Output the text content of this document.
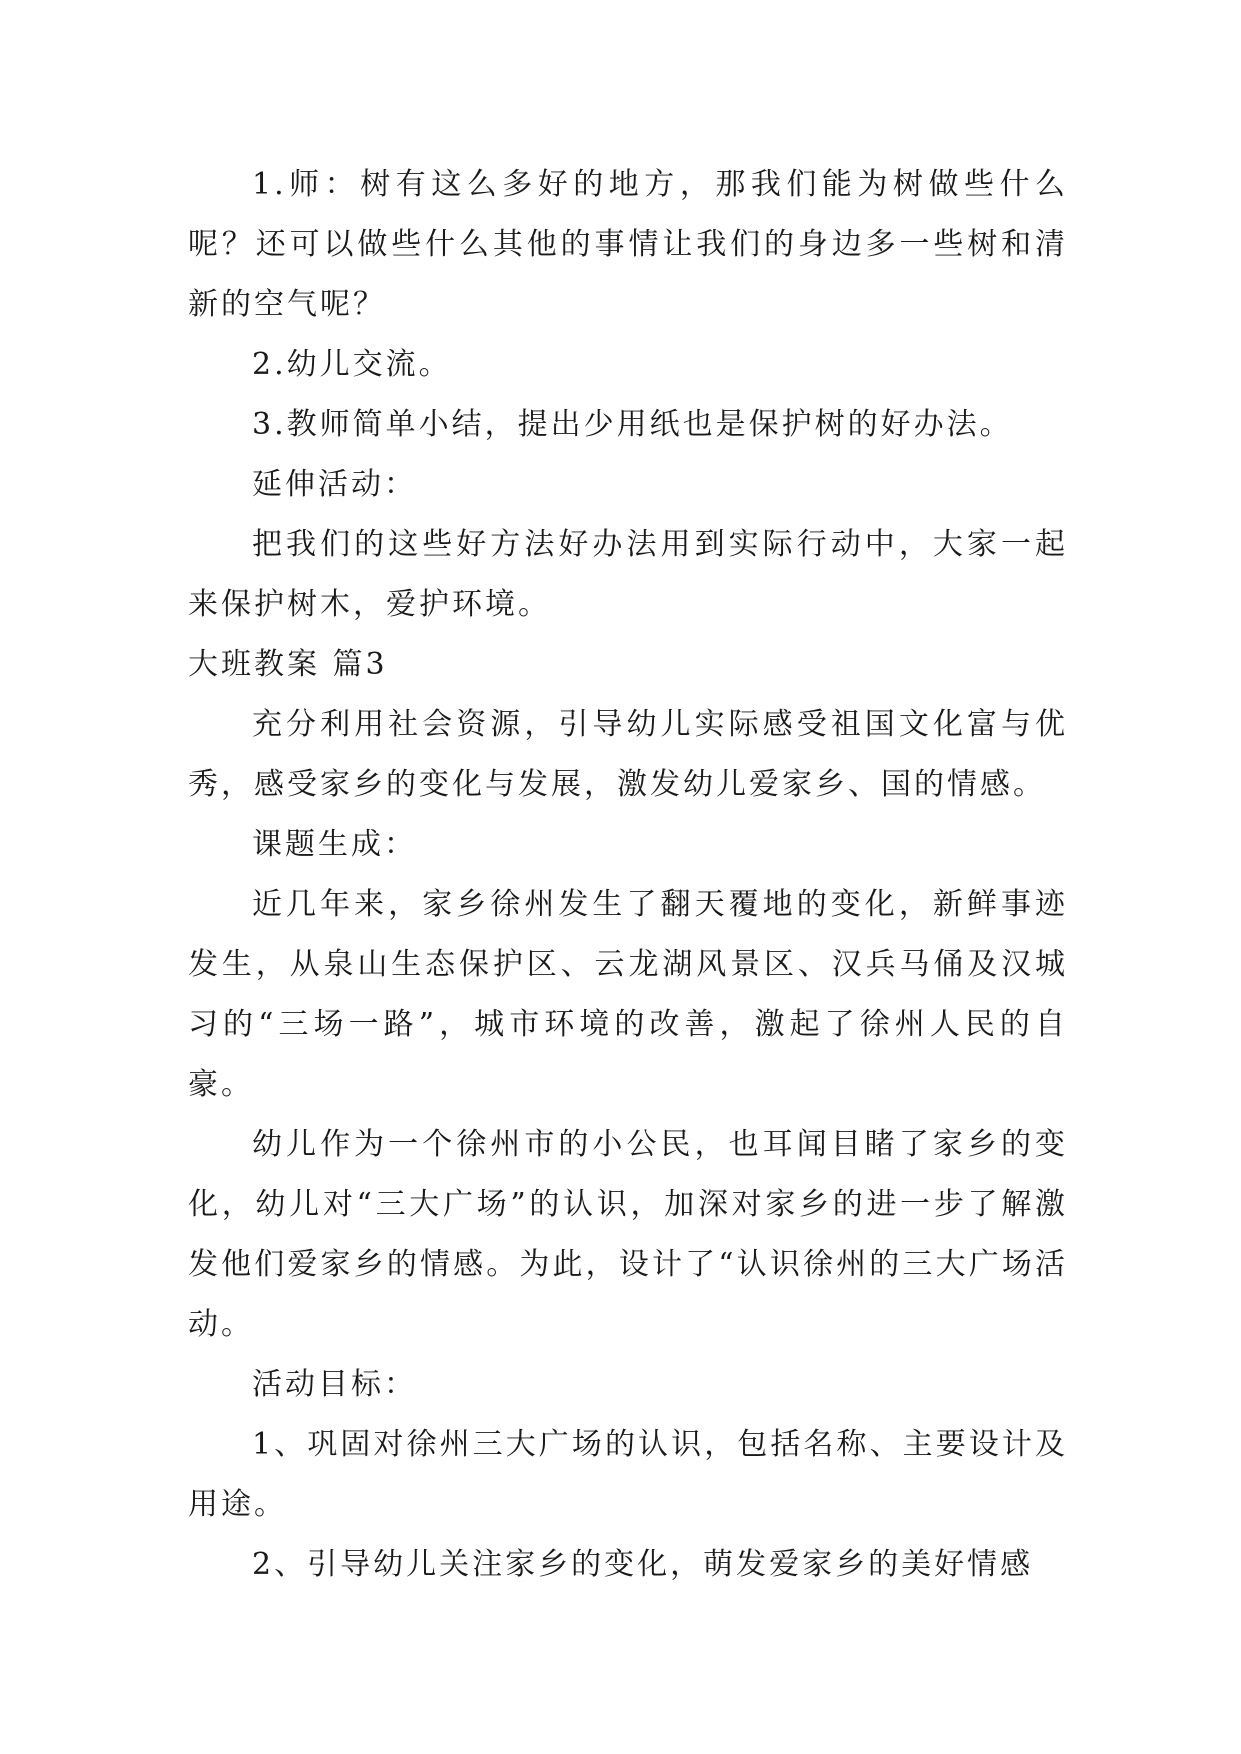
1.师：树有这么多好的地方，那我们能为树做些什么呢？还可以做些什么其他的事情让我们的身边多一些树和清新的空气呢？

2.幼儿交流。

3.教师简单小结，提出少用纸也是保护树的好办法。

延伸活动：

把我们的这些好方法好办法用到实际行动中，大家一起来保护树木，爱护环境。

大班教案 篇3

充分利用社会资源，引导幼儿实际感受祖国文化富与优秀，感受家乡的变化与发展，激发幼儿爱家乡、国的情感。

课题生成：

近几年来，家乡徐州发生了翻天覆地的变化，新鲜事迹发生，从泉山生态保护区、云龙湖风景区、汉兵马俑及汉城习的“三场一路”，城市环境的改善，激起了徐州人民的自豪。

幼儿作为一个徐州市的小公民，也耳闻目睹了家乡的变化，幼儿对“三大广场”的认识，加深对家乡的进一步了解激发他们爱家乡的情感。为此，设计了“认识徐州的三大广场活动。

活动目标：

1、巩固对徐州三大广场的认识，包括名称、主要设计及用途。

2、引导幼儿关注家乡的变化，萌发爱家乡的美好情感
